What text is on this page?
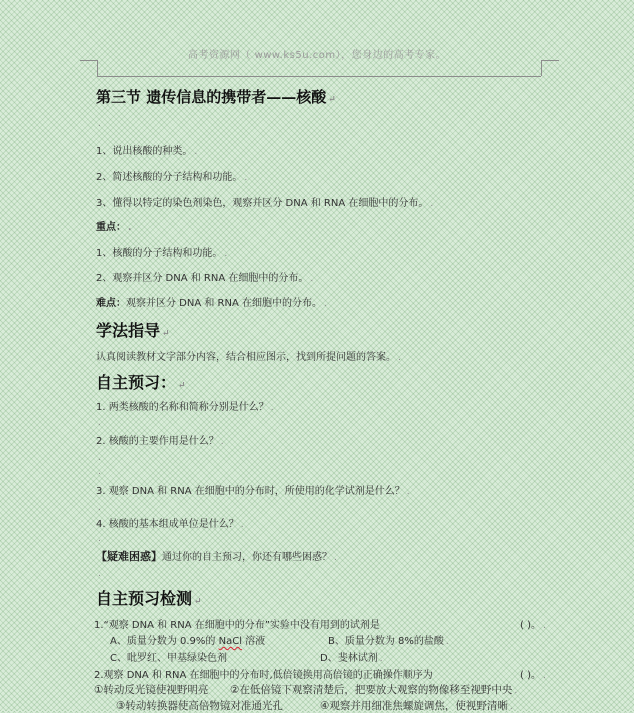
高考资源网（ www.ks5u.com），您身边的高考专家。
第三节 遗传信息的携带者——核酸 ↵
.
1、说出核酸的种类。 .
2、简述核酸的分子结构和功能。 .
3、懂得以特定的染色剂染色，观察并区分 DNA 和 RNA 在细胞中的分布。 .
重点： .
1、核酸的分子结构和功能。 .
2、观察并区分 DNA 和 RNA 在细胞中的分布。 .
难点：观察并区分 DNA 和 RNA 在细胞中的分布。 .
学法指导 ↵
认真阅读教材文字部分内容，结合相应图示，找到所提问题的答案。 .
自主预习： ↵
1. 两类核酸的名称和简称分别是什么？ .
.
2. 核酸的主要作用是什么？ .
.
.
3. 观察 DNA 和 RNA 在细胞中的分布时，所使用的化学试剂是什么？ .
.
4. 核酸的基本组成单位是什么？ .
.
【疑难困惑】通过你的自主预习，你还有哪些困惑？ .
.
自主预习检测 ↵
1.“观察 DNA 和 RNA 在细胞中的分布”实验中没有用到的试剂是	( )。 .
A、质量分数为 0.9%的 NaCl 溶液	B、质量分数为 8%的盐酸 .
C、吡罗红、甲基绿染色剂	D、斐林试剂 .
2.观察 DNA 和 RNA 在细胞中的分布时,低倍镜换用高倍镜的正确操作顺序为	( )。 .
①转动反光镜使视野明亮 ②在低倍镜下观察清楚后，把要放大观察的物像移至视野中央 .
③转动转换器使高倍物镜对准通光孔	④观察并用细准焦螺旋调焦，使视野清晰 .
